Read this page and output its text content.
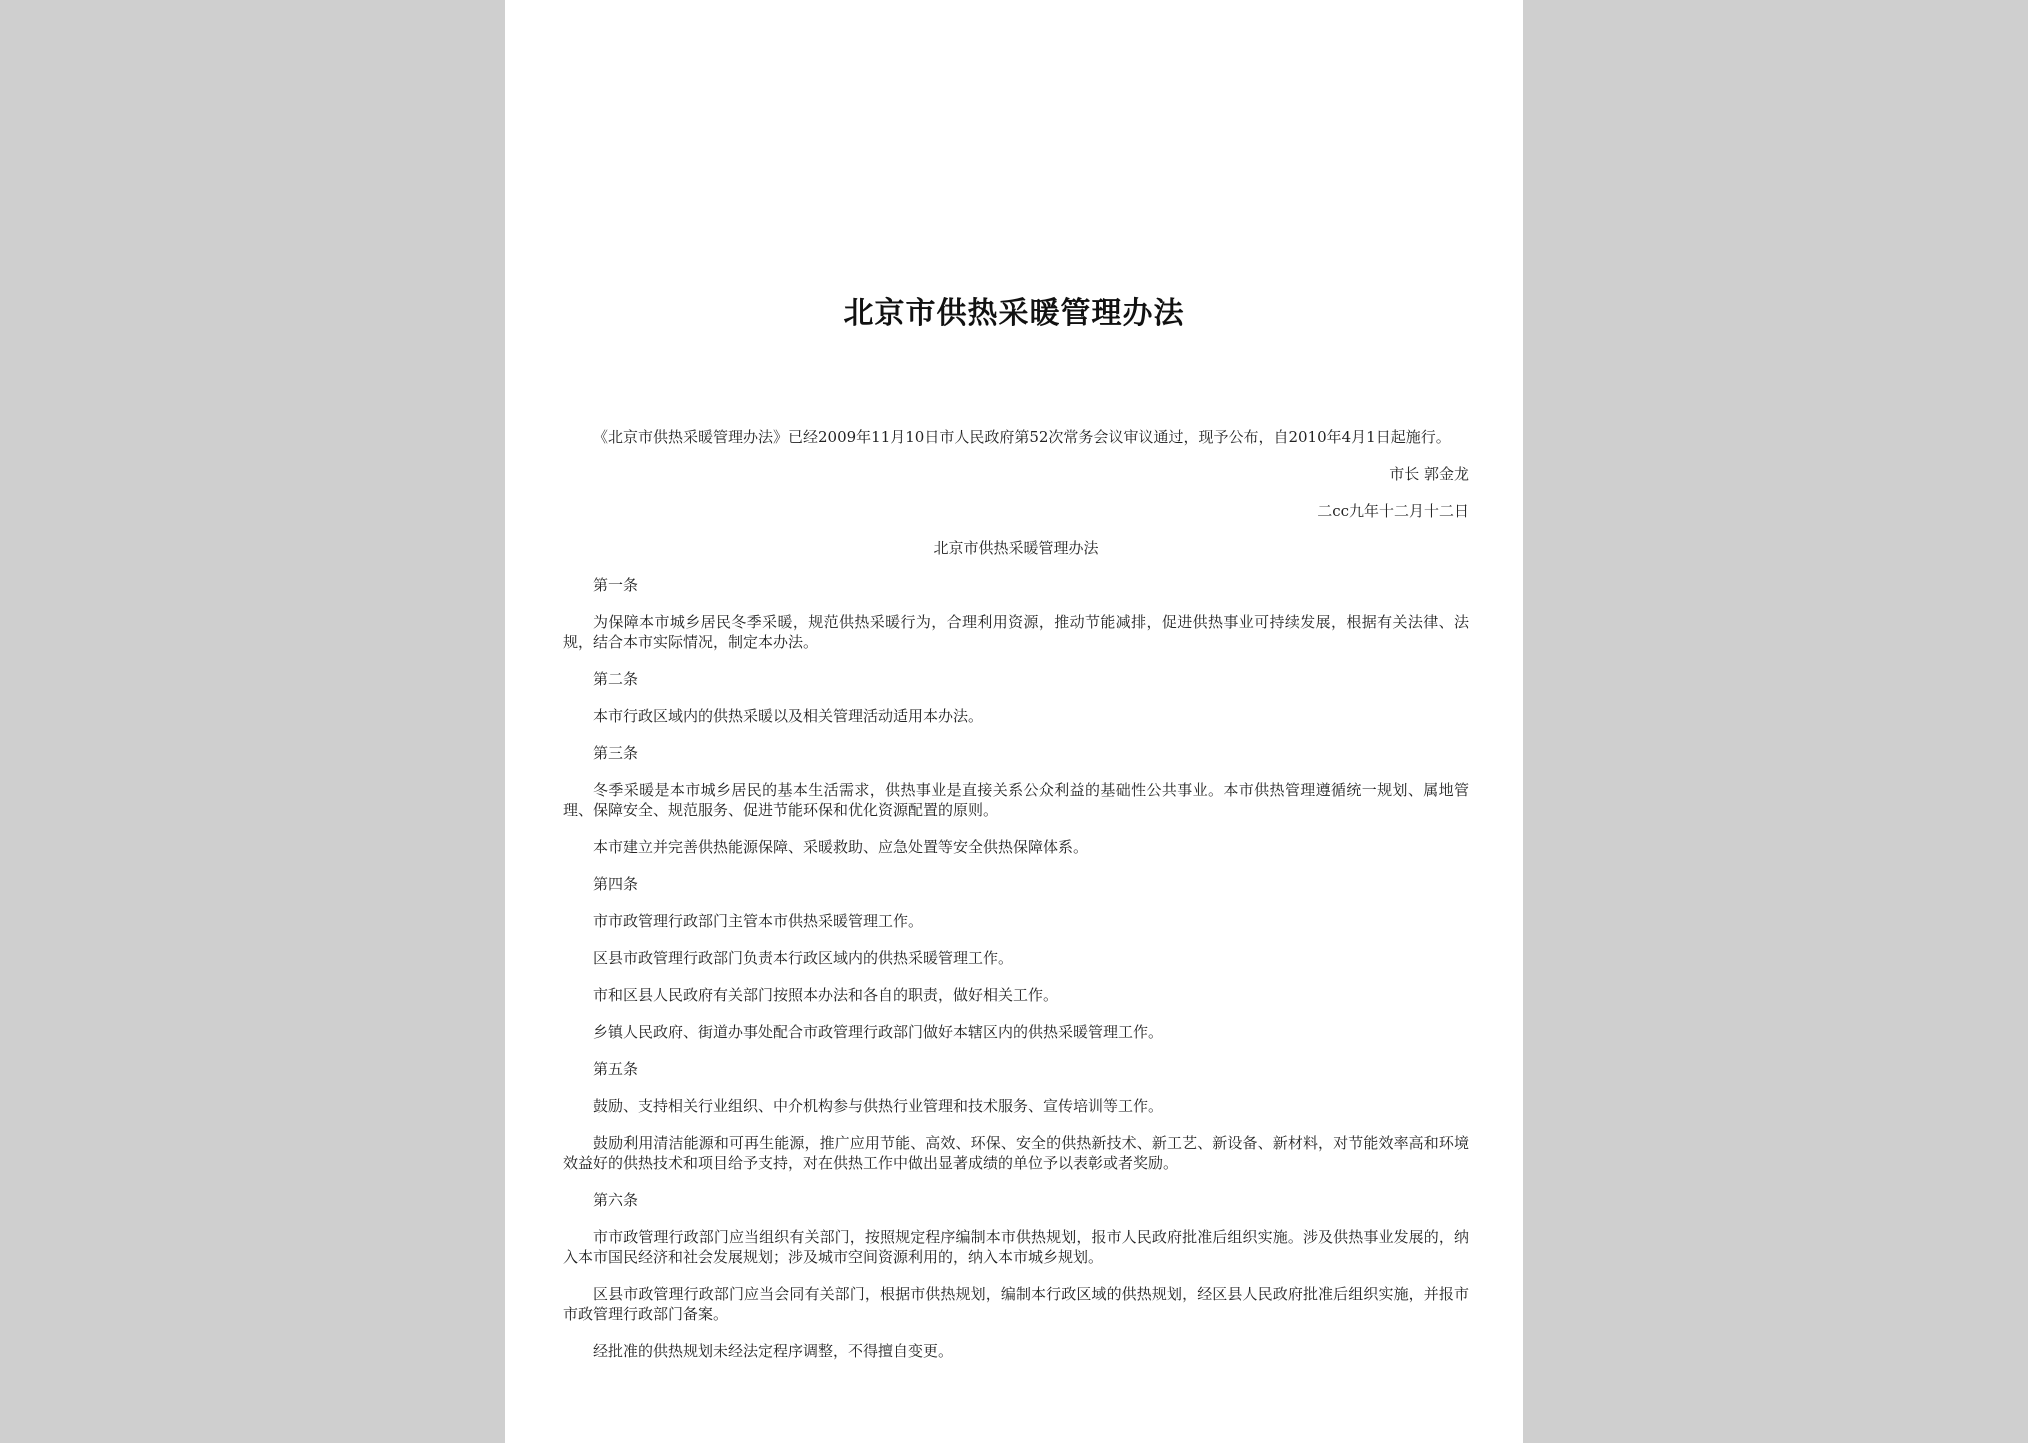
北京市供热采暖管理办法

《北京市供热采暖管理办法》已经2009年11月10日市人民政府第52次常务会议审议通过，现予公布，自2010年4月1日起施行。

市长 郭金龙

二cc九年十二月十二日

北京市供热采暖管理办法

第一条

为保障本市城乡居民冬季采暖，规范供热采暖行为，合理利用资源，推动节能减排，促进供热事业可持续发展，根据有关法律、法规，结合本市实际情况，制定本办法。

第二条

本市行政区域内的供热采暖以及相关管理活动适用本办法。

第三条

冬季采暖是本市城乡居民的基本生活需求，供热事业是直接关系公众利益的基础性公共事业。本市供热管理遵循统一规划、属地管理、保障安全、规范服务、促进节能环保和优化资源配置的原则。

本市建立并完善供热能源保障、采暖救助、应急处置等安全供热保障体系。

第四条

市市政管理行政部门主管本市供热采暖管理工作。

区县市政管理行政部门负责本行政区域内的供热采暖管理工作。

市和区县人民政府有关部门按照本办法和各自的职责，做好相关工作。

乡镇人民政府、街道办事处配合市政管理行政部门做好本辖区内的供热采暖管理工作。

第五条

鼓励、支持相关行业组织、中介机构参与供热行业管理和技术服务、宣传培训等工作。

鼓励利用清洁能源和可再生能源，推广应用节能、高效、环保、安全的供热新技术、新工艺、新设备、新材料，对节能效率高和环境效益好的供热技术和项目给予支持，对在供热工作中做出显著成绩的单位予以表彰或者奖励。

第六条

市市政管理行政部门应当组织有关部门，按照规定程序编制本市供热规划，报市人民政府批准后组织实施。涉及供热事业发展的，纳入本市国民经济和社会发展规划；涉及城市空间资源利用的，纳入本市城乡规划。

区县市政管理行政部门应当会同有关部门，根据市供热规划，编制本行政区域的供热规划，经区县人民政府批准后组织实施，并报市市政管理行政部门备案。

经批准的供热规划未经法定程序调整，不得擅自变更。
